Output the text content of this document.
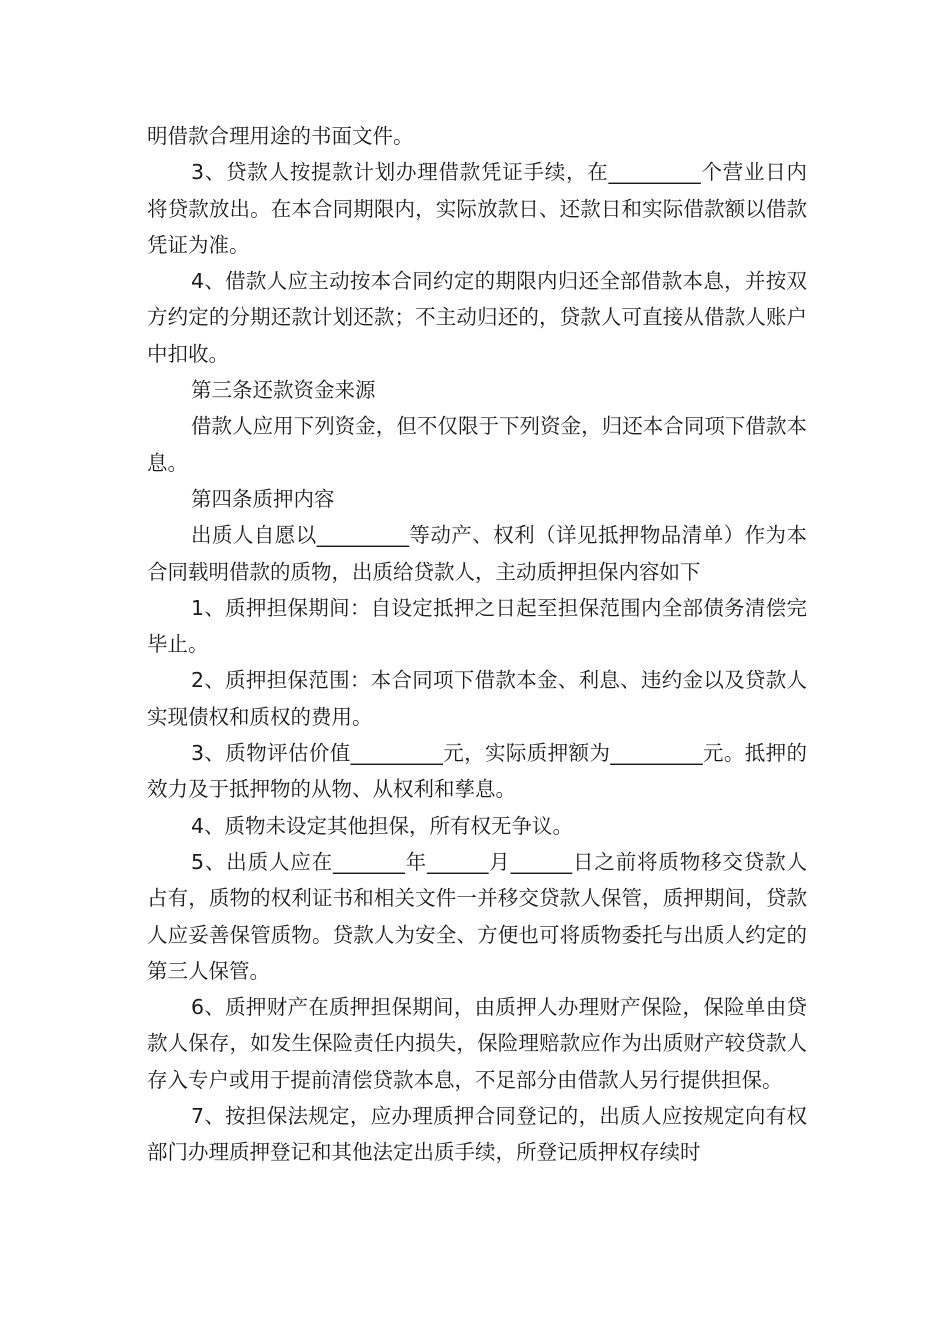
明借款合理用途的书面文件。

3、贷款人按提款计划办理借款凭证手续，在_________个营业日内将贷款放出。在本合同期限内，实际放款日、还款日和实际借款额以借款凭证为准。

4、借款人应主动按本合同约定的期限内归还全部借款本息，并按双方约定的分期还款计划还款；不主动归还的，贷款人可直接从借款人账户中扣收。

第三条还款资金来源

借款人应用下列资金，但不仅限于下列资金，归还本合同项下借款本息。

第四条质押内容

出质人自愿以_________等动产、权利（详见抵押物品清单）作为本合同载明借款的质物，出质给贷款人，主动质押担保内容如下

1、质押担保期间：自设定抵押之日起至担保范围内全部债务清偿完毕止。

2、质押担保范围：本合同项下借款本金、利息、违约金以及贷款人实现债权和质权的费用。

3、质物评估价值_________元，实际质押额为_________元。抵押的效力及于抵押物的从物、从权利和孳息。

4、质物未设定其他担保，所有权无争议。

5、出质人应在_______年______月______日之前将质物移交贷款人占有，质物的权利证书和相关文件一并移交贷款人保管，质押期间，贷款人应妥善保管质物。贷款人为安全、方便也可将质物委托与出质人约定的第三人保管。

6、质押财产在质押担保期间，由质押人办理财产保险，保险单由贷款人保存，如发生保险责任内损失，保险理赔款应作为出质财产较贷款人存入专户或用于提前清偿贷款本息，不足部分由借款人另行提供担保。

7、按担保法规定，应办理质押合同登记的，出质人应按规定向有权部门办理质押登记和其他法定出质手续，所登记质押权存续时
